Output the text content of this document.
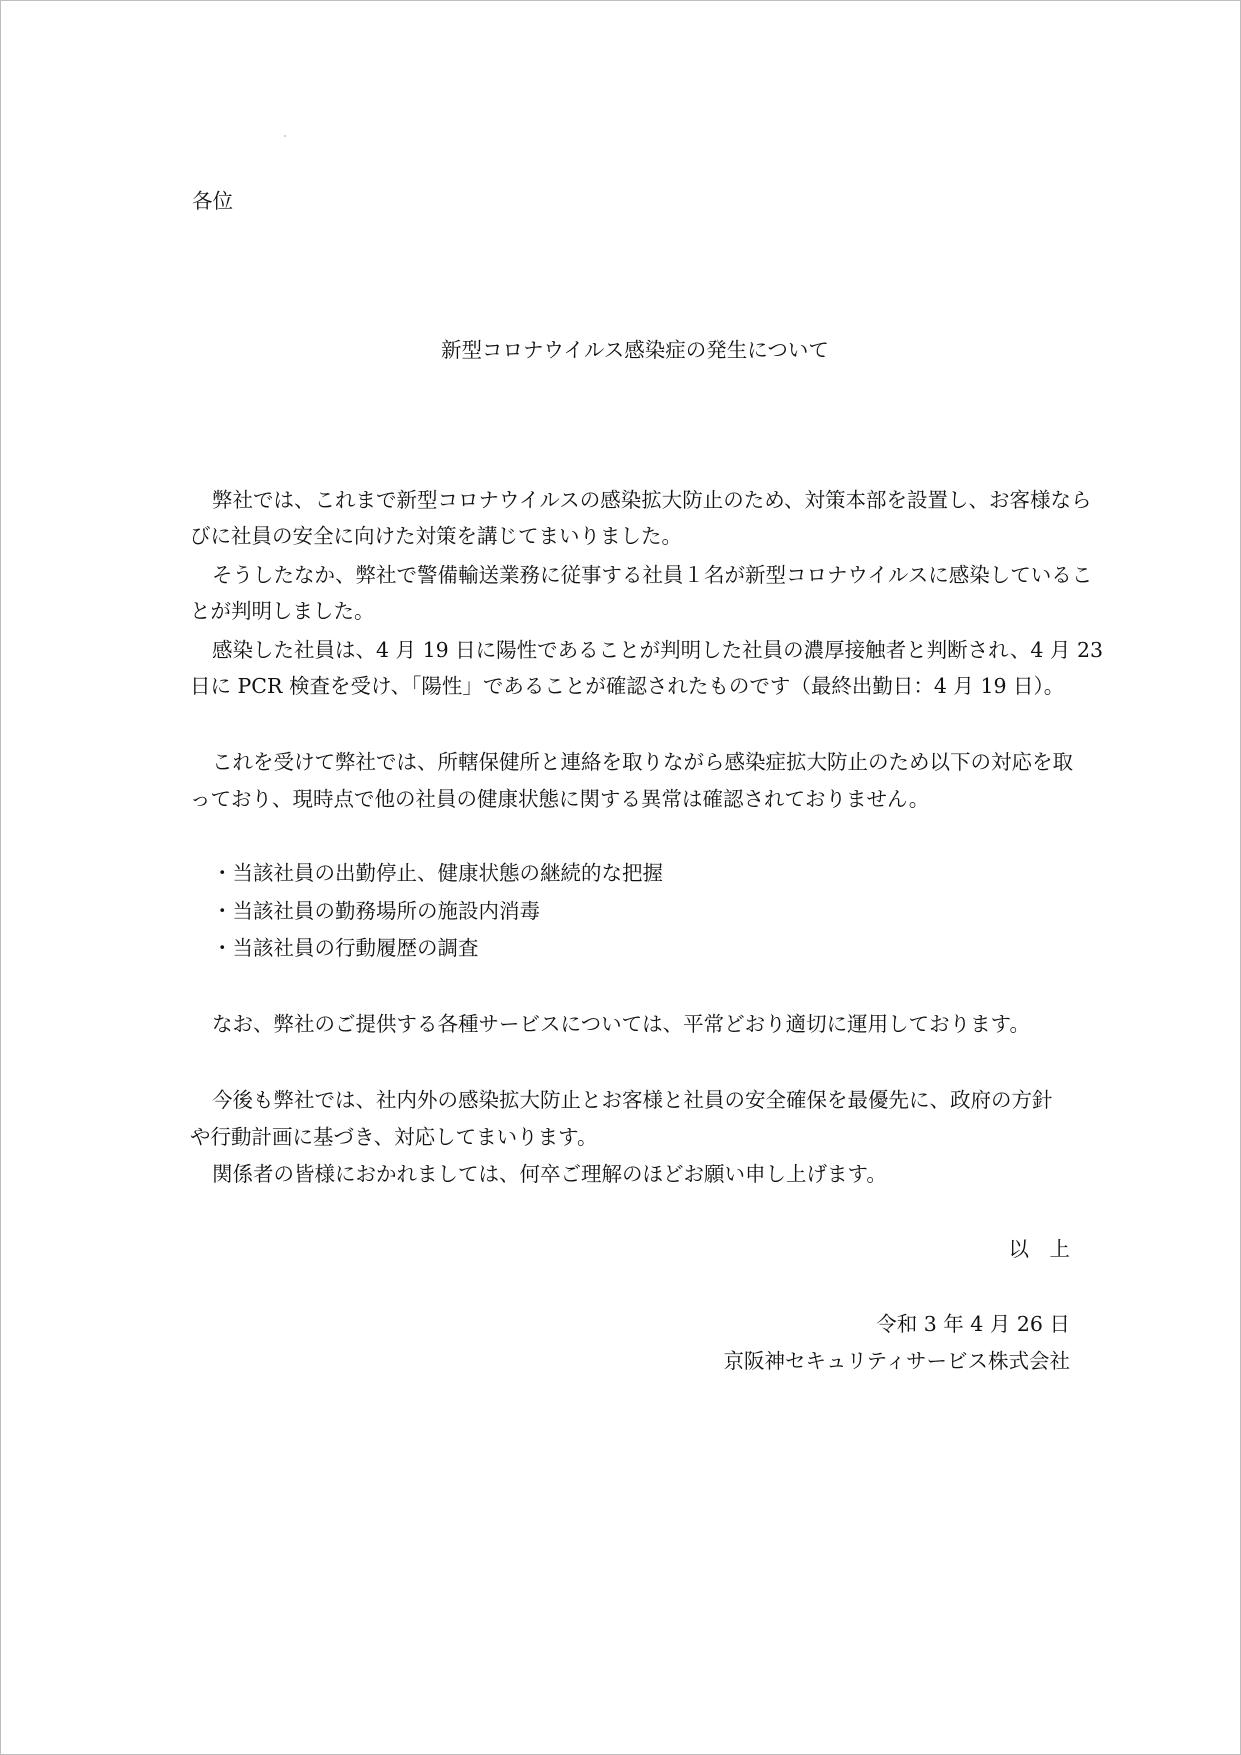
各位

新型コロナウイルス感染症の発生について

弊社では、これまで新型コロナウイルスの感染拡大防止のため、対策本部を設置し、お客様なら

びに社員の安全に向けた対策を講じてまいりました。

そうしたなか、弊社で警備輸送業務に従事する社員１名が新型コロナウイルスに感染しているこ

とが判明しました。

感染した社員は、4 月 19 日に陽性であることが判明した社員の濃厚接触者と判断され、4 月 23

日に PCR 検査を受け、「陽性」であることが確認されたものです（最終出勤日：4 月 19 日）。

これを受けて弊社では、所轄保健所と連絡を取りながら感染症拡大防止のため以下の対応を取

っており、現時点で他の社員の健康状態に関する異常は確認されておりません。

・当該社員の出勤停止、健康状態の継続的な把握

・当該社員の勤務場所の施設内消毒

・当該社員の行動履歴の調査

なお、弊社のご提供する各種サービスについては、平常どおり適切に運用しております。

今後も弊社では、社内外の感染拡大防止とお客様と社員の安全確保を最優先に、政府の方針

や行動計画に基づき、対応してまいります。

関係者の皆様におかれましては、何卒ご理解のほどお願い申し上げます。

以　上

令和 3 年 4 月 26 日

京阪神セキュリティサービス株式会社
